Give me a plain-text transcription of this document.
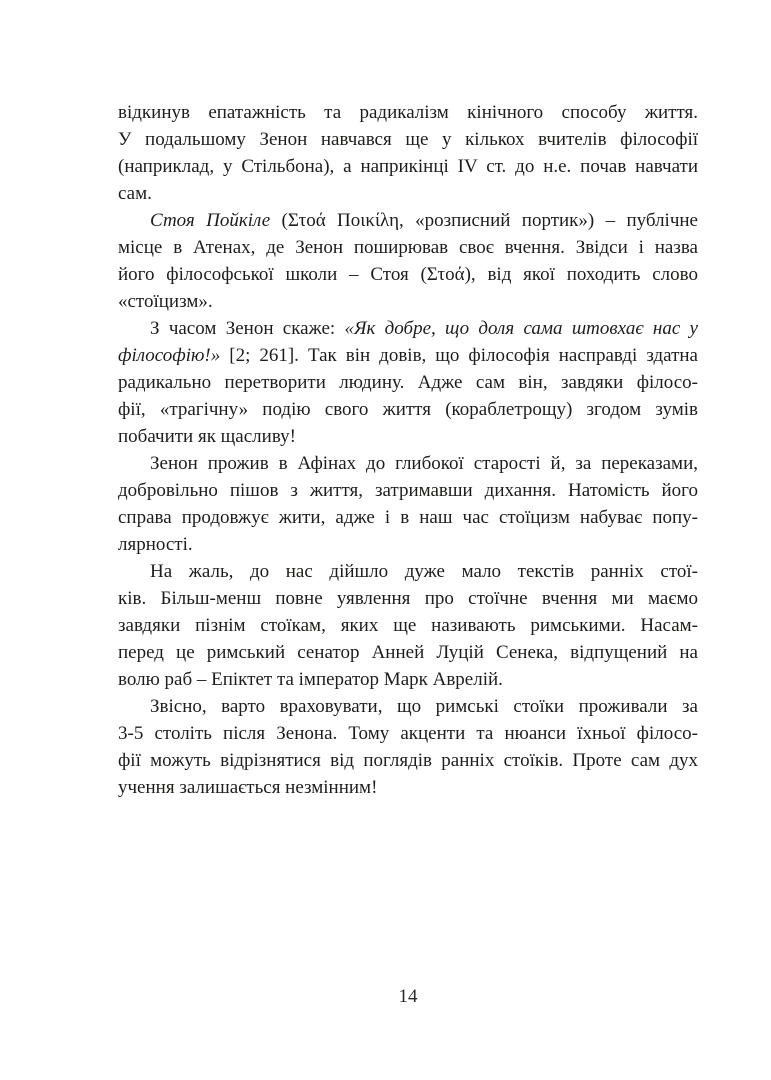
відкинув епатажність та радикалізм кінічного способу життя.
У подальшому Зенон навчався ще у кількох вчителів філософії
(наприклад, у Стільбона), а наприкінці IV ст. до н.е. почав навчати
сам.
Стоя Пойкіле (Στοά Ποικίλη, «розписний портик») – публічне
місце в Атенах, де Зенон поширював своє вчення. Звідси і назва
його філософської школи – Стоя (Στοά), від якої походить слово
«стоїцизм».
З часом Зенон скаже: «Як добре, що доля сама штовхає нас у
філософію!» [2; 261]. Так він довів, що філософія насправді здатна
радикально перетворити людину. Адже сам він, завдяки філосо-
фії, «трагічну» подію свого життя (кораблетрощу) згодом зумів
побачити як щасливу!
Зенон прожив в Афінах до глибокої старості й, за переказами,
добровільно пішов з життя, затримавши дихання. Натомість його
справа продовжує жити, адже і в наш час стоїцизм набуває попу-
лярності.
На жаль, до нас дійшло дуже мало текстів ранніх стої-
ків. Більш-менш повне уявлення про стоїчне вчення ми маємо
завдяки пізнім стоїкам, яких ще називають римськими. Насам-
перед це римський сенатор Анней Луцій Сенека, відпущений на
волю раб – Епіктет та імператор Марк Аврелій.
Звісно, варто враховувати, що римські стоїки проживали за
3-5 століть після Зенона. Тому акценти та нюанси їхньої філосо-
фії можуть відрізнятися від поглядів ранніх стоїків. Проте сам дух
учення залишається незмінним!
14
